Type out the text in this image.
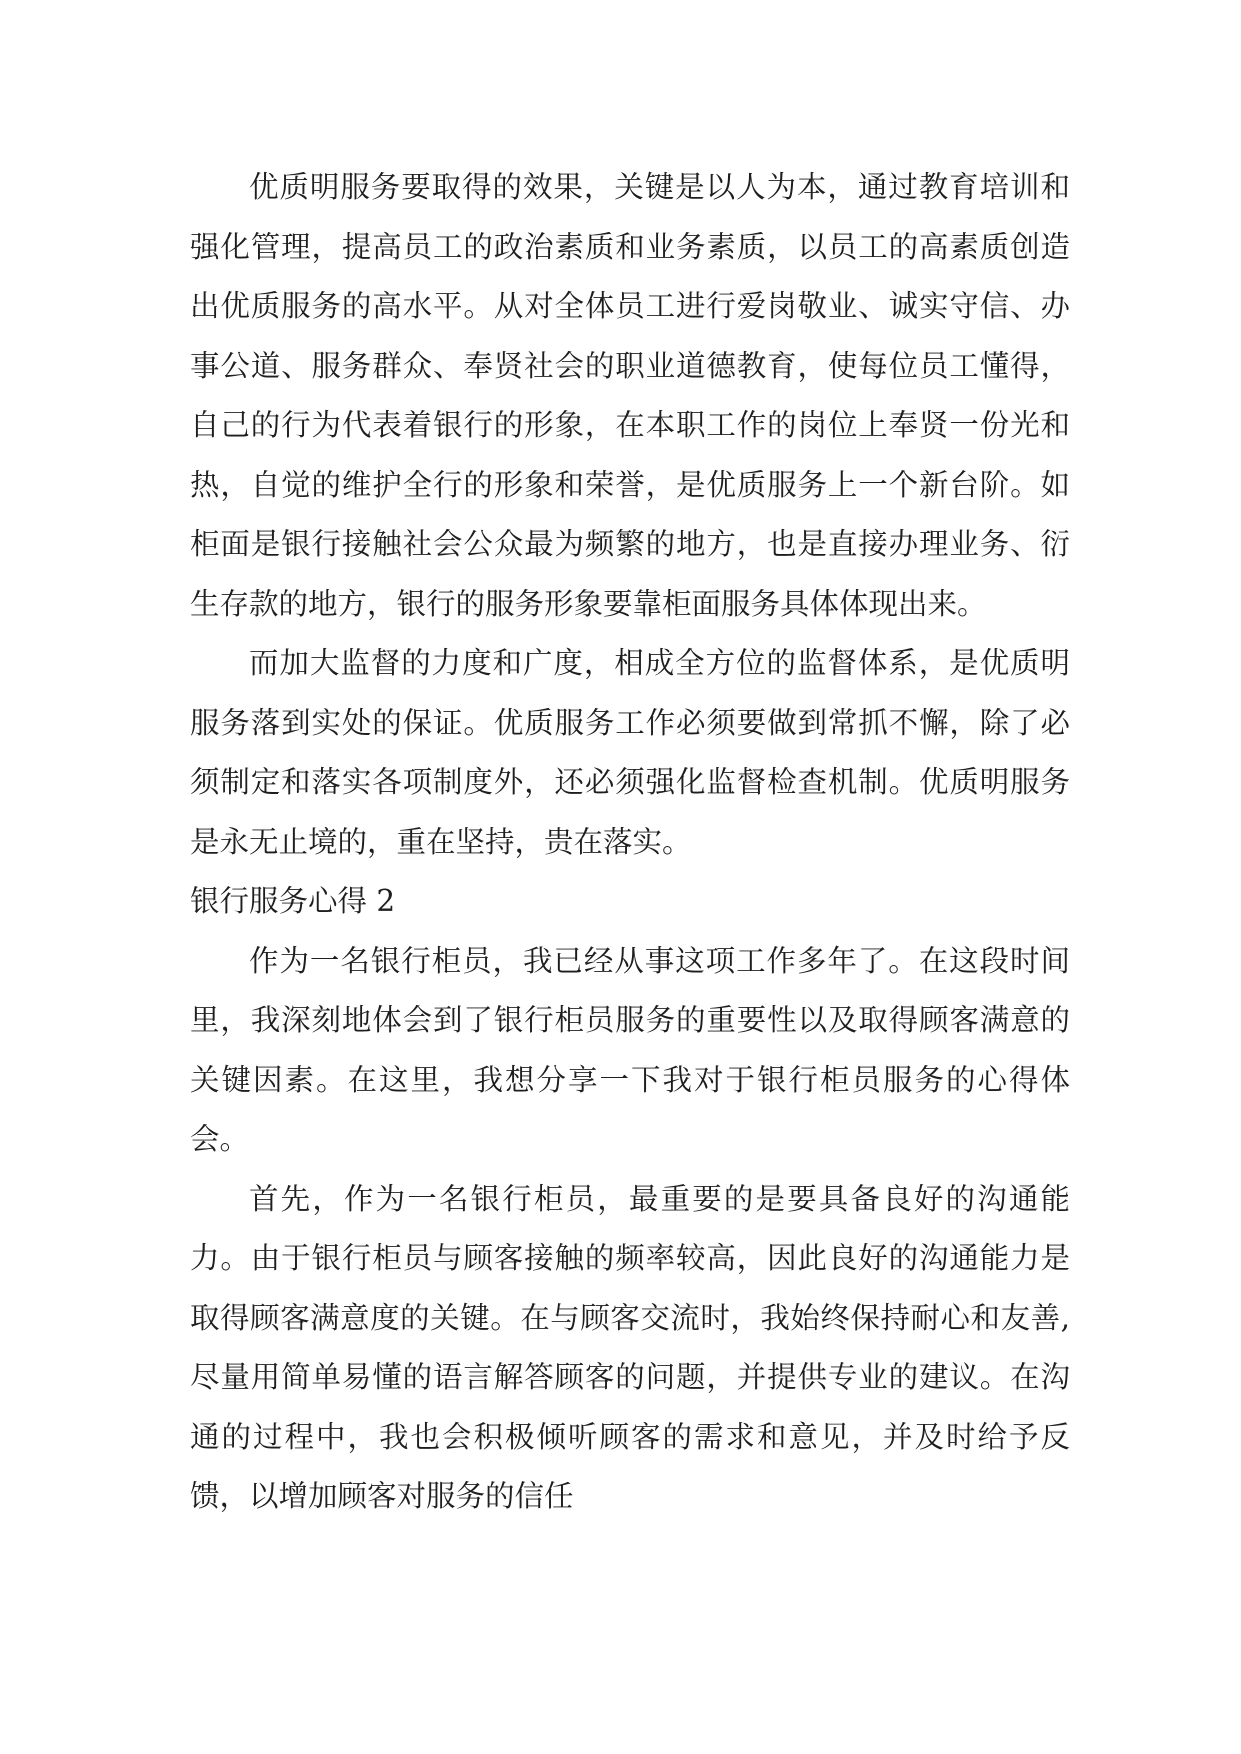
优质明服务要取得的效果，关键是以人为本，通过教育培训和强化管理，提高员工的政治素质和业务素质，以员工的高素质创造出优质服务的高水平。从对全体员工进行爱岗敬业、诚实守信、办事公道、服务群众、奉贤社会的职业道德教育，使每位员工懂得，自己的行为代表着银行的形象，在本职工作的岗位上奉贤一份光和热，自觉的维护全行的形象和荣誉，是优质服务上一个新台阶。如柜面是银行接触社会公众最为频繁的地方，也是直接办理业务、衍生存款的地方，银行的服务形象要靠柜面服务具体体现出来。

而加大监督的力度和广度，相成全方位的监督体系，是优质明服务落到实处的保证。优质服务工作必须要做到常抓不懈，除了必须制定和落实各项制度外，还必须强化监督检查机制。优质明服务是永无止境的，重在坚持，贵在落实。

银行服务心得 2

作为一名银行柜员，我已经从事这项工作多年了。在这段时间里，我深刻地体会到了银行柜员服务的重要性以及取得顾客满意的关键因素。在这里，我想分享一下我对于银行柜员服务的心得体会。

首先，作为一名银行柜员，最重要的是要具备良好的沟通能力。由于银行柜员与顾客接触的频率较高，因此良好的沟通能力是取得顾客满意度的关键。在与顾客交流时，我始终保持耐心和友善,尽量用简单易懂的语言解答顾客的问题，并提供专业的建议。在沟通的过程中，我也会积极倾听顾客的需求和意见，并及时给予反馈，以增加顾客对服务的信任
